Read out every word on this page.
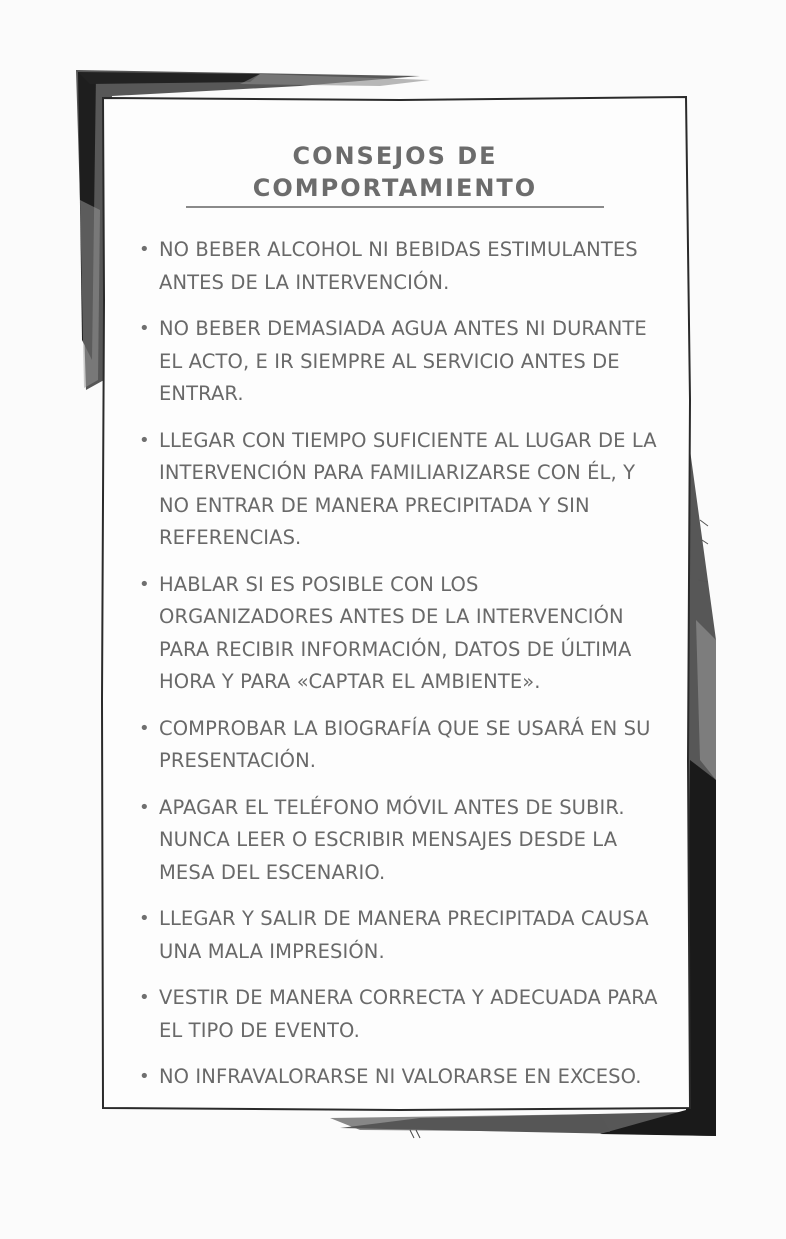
CONSEJOS DE COMPORTAMIENTO
• NO BEBER ALCOHOL NI BEBIDAS ESTIMULANTES ANTES DE LA INTERVENCIÓN.
• NO BEBER DEMASIADA AGUA ANTES NI DURANTE EL ACTO, E IR SIEMPRE AL SERVICIO ANTES DE ENTRAR.
• LLEGAR CON TIEMPO SUFICIENTE AL LUGAR DE LA INTERVENCIÓN PARA FAMILIARIZARSE CON ÉL, Y NO ENTRAR DE MANERA PRECIPITADA Y SIN REFERENCIAS.
• HABLAR SI ES POSIBLE CON LOS ORGANIZADORES ANTES DE LA INTERVENCIÓN PARA RECIBIR INFORMACIÓN, DATOS DE ÚLTIMA HORA Y PARA «CAPTAR EL AMBIENTE».
• COMPROBAR LA BIOGRAFÍA QUE SE USARÁ EN SU PRESENTACIÓN.
• APAGAR EL TELÉFONO MÓVIL ANTES DE SUBIR. NUNCA LEER O ESCRIBIR MENSAJES DESDE LA MESA DEL ESCENARIO.
• LLEGAR Y SALIR DE MANERA PRECIPITADA CAUSA UNA MALA IMPRESIÓN.
• VESTIR DE MANERA CORRECTA Y ADECUADA PARA EL TIPO DE EVENTO.
• NO INFRAVALORARSE NI VALORARSE EN EXCESO.
